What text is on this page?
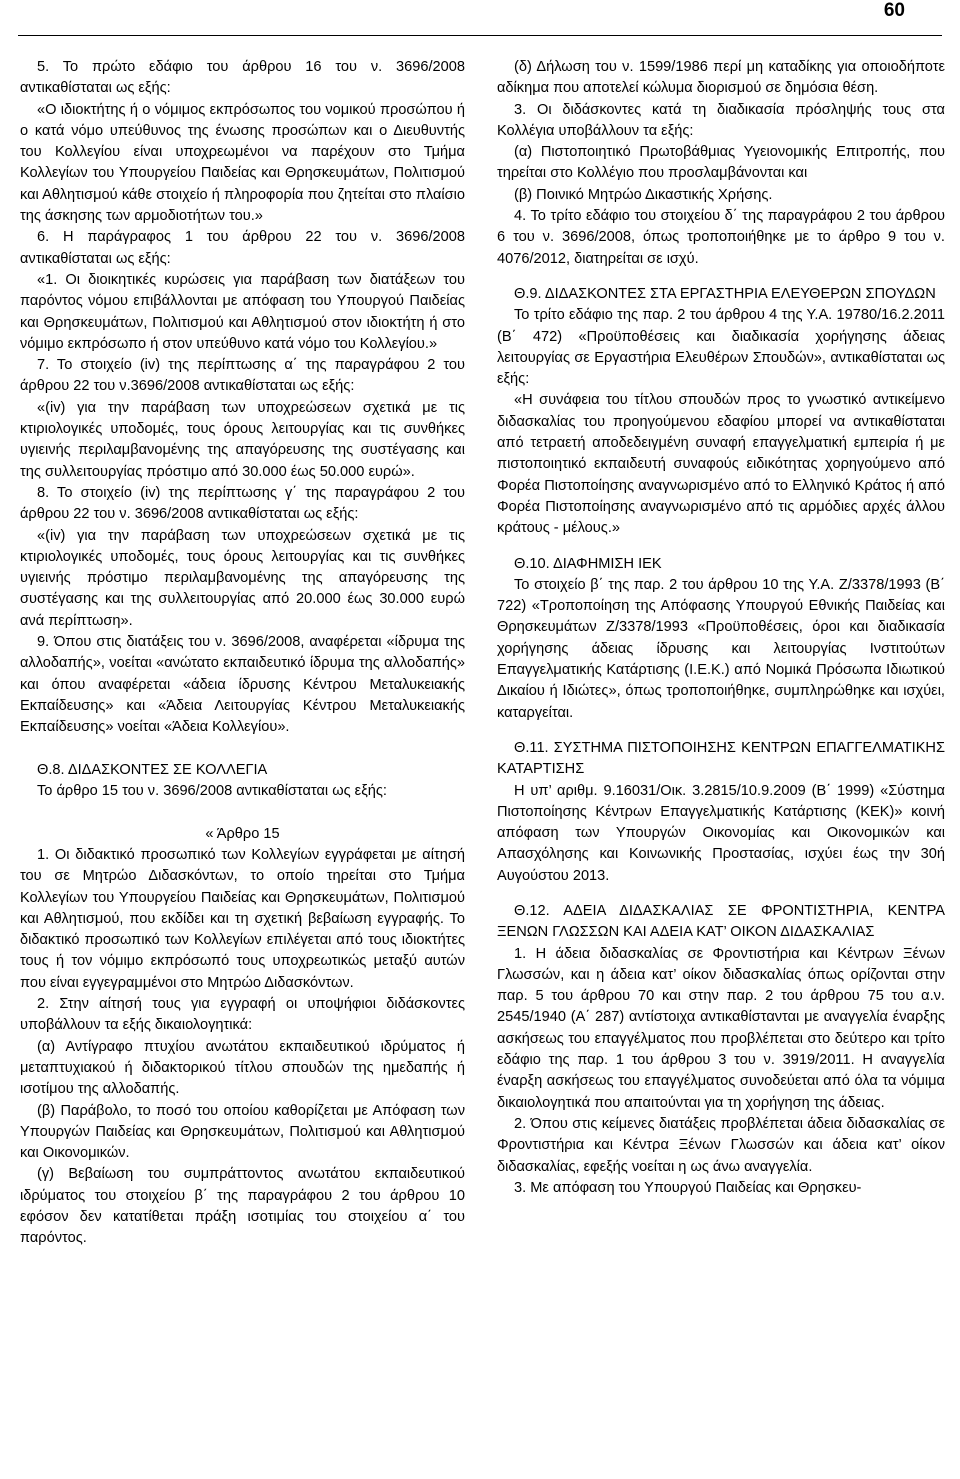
60

5. Το πρώτο εδάφιο του άρθρου 16 του ν. 3696/2008 αντικαθίσταται ως εξής:

«Ο ιδιοκτήτης ή ο νόμιμος εκπρόσωπος του νομικού προσώπου ή ο κατά νόμο υπεύθυνος της ένωσης προσώπων και ο Διευθυντής του Κολλεγίου είναι υποχρεωμένοι να παρέχουν στο Τμήμα Κολλεγίων του Υπουργείου Παιδείας και Θρησκευμάτων, Πολιτισμού και Αθλητισμού κάθε στοιχείο ή πληροφορία που ζητείται στο πλαίσιο της άσκησης των αρμοδιοτήτων του.»

6. Η παράγραφος 1 του άρθρου 22 του ν. 3696/2008 αντικαθίσταται ως εξής:

«1. Οι διοικητικές κυρώσεις για παράβαση των διατάξεων του παρόντος νόμου επιβάλλονται με απόφαση του Υπουργού Παιδείας και Θρησκευμάτων, Πολιτισμού και Αθλητισμού στον ιδιοκτήτη ή στο νόμιμο εκπρόσωπο ή στον υπεύθυνο κατά νόμο του Κολλεγίου.»

7. Το στοιχείο (iv) της περίπτωσης α΄ της παραγράφου 2 του άρθρου 22 του ν.3696/2008 αντικαθίσταται ως εξής:

«(iv) για την παράβαση των υποχρεώσεων σχετικά με τις κτιριολογικές υποδομές, τους όρους λειτουργίας και τις συνθήκες υγιεινής περιλαμβανομένης της απαγόρευσης της συστέγασης και της συλλειτουργίας πρόστιμο από 30.000 έως 50.000 ευρώ».

8. Το στοιχείο (iv) της περίπτωσης γ΄ της παραγράφου 2 του άρθρου 22 του ν. 3696/2008 αντικαθίσταται ως εξής:

«(iv) για την παράβαση των υποχρεώσεων σχετικά με τις κτιριολογικές υποδομές, τους όρους λειτουργίας και τις συνθήκες υγιεινής πρόστιμο περιλαμβανομένης της απαγόρευσης της συστέγασης και της συλλειτουργίας από 20.000 έως 30.000 ευρώ ανά περίπτωση».

9. Όπου στις διατάξεις του ν. 3696/2008, αναφέρεται «ίδρυμα της αλλοδαπής», νοείται «ανώτατο εκπαιδευτικό ίδρυμα της αλλοδαπής» και όπου αναφέρεται «άδεια ίδρυσης Κέντρου Μεταλυκειακής Εκπαίδευσης» και «Άδεια Λειτουργίας Κέντρου Μεταλυκειακής Εκπαίδευσης» νοείται «Άδεια Κολλεγίου».

Θ.8. ΔΙΔΑΣΚΟΝΤΕΣ ΣΕ ΚΟΛΛΕΓΙΑ

Το άρθρο 15 του ν. 3696/2008 αντικαθίσταται ως εξής:

« Άρθρο 15

1. Οι διδακτικό προσωπικό των Κολλεγίων εγγράφεται με αίτησή του σε Μητρώο Διδασκόντων, το οποίο τηρείται στο Τμήμα Κολλεγίων του Υπουργείου Παιδείας και Θρησκευμάτων, Πολιτισμού και Αθλητισμού, που εκδίδει και τη σχετική βεβαίωση εγγραφής. Το διδακτικό προσωπικό των Κολλεγίων επιλέγεται από τους ιδιοκτήτες τους ή τον νόμιμο εκπρόσωπό τους υποχρεωτικώς μεταξύ αυτών που είναι εγγεγραμμένοι στο Μητρώο Διδασκόντων.

2. Στην αίτησή τους για εγγραφή οι υποψήφιοι διδάσκοντες υποβάλλουν τα εξής δικαιολογητικά:

(α) Αντίγραφο πτυχίου ανωτάτου εκπαιδευτικού ιδρύματος ή μεταπτυχιακού ή διδακτορικού τίτλου σπουδών της ημεδαπής ή ισοτίμου της αλλοδαπής.

(β) Παράβολο, το ποσό του οποίου καθορίζεται με Απόφαση των Υπουργών Παιδείας και Θρησκευμάτων, Πολιτισμού και Αθλητισμού και Οικονομικών.

(γ) Βεβαίωση του συμπράττοντος ανωτάτου εκπαιδευτικού ιδρύματος του στοιχείου β΄ της παραγράφου 2 του άρθρου 10 εφόσον δεν κατατίθεται πράξη ισοτιμίας του στοιχείου α΄ του παρόντος.

(δ) Δήλωση του ν. 1599/1986 περί μη καταδίκης για οποιοδήποτε αδίκημα που αποτελεί κώλυμα διορισμού σε δημόσια θέση.

3. Οι διδάσκοντες κατά τη διαδικασία πρόσληψής τους στα Κολλέγια υποβάλλουν τα εξής:

(α) Πιστοποιητικό Πρωτοβάθμιας Υγειονομικής Επιτροπής, που τηρείται στο Κολλέγιο που προσλαμβάνονται και

(β) Ποινικό Μητρώο Δικαστικής Χρήσης.

4. Το τρίτο εδάφιο του στοιχείου δ΄ της παραγράφου 2 του άρθρου 6 του ν. 3696/2008, όπως τροποποιήθηκε με το άρθρο 9 του ν. 4076/2012, διατηρείται σε ισχύ.

Θ.9. ΔΙΔΑΣΚΟΝΤΕΣ ΣΤΑ ΕΡΓΑΣΤΗΡΙΑ ΕΛΕΥΘΕΡΩΝ ΣΠΟΥΔΩΝ

Το τρίτο εδάφιο της παρ. 2 του άρθρου 4 της Υ.Α. 19780/16.2.2011 (Β΄ 472) «Προϋποθέσεις και διαδικασία χορήγησης άδειας λειτουργίας σε Εργαστήρια Ελευθέρων Σπουδών», αντικαθίσταται ως εξής:

«Η συνάφεια του τίτλου σπουδών προς το γνωστικό αντικείμενο διδασκαλίας του προηγούμενου εδαφίου μπορεί να αντικαθίσταται από τετραετή αποδεδειγμένη συναφή επαγγελματική εμπειρία ή με πιστοποιητικό εκπαιδευτή συναφούς ειδικότητας χορηγούμενο από Φορέα Πιστοποίησης αναγνωρισμένο από το Ελληνικό Κράτος ή από Φορέα Πιστοποίησης αναγνωρισμένο από τις αρμόδιες αρχές άλλου κράτους - μέλους.»

Θ.10. ΔΙΑΦΗΜΙΣΗ ΙΕΚ

Το στοιχείο β΄ της παρ. 2 του άρθρου 10 της Υ.Α. Ζ/3378/1993 (Β΄ 722) «Τροποποίηση της Απόφασης Υπουργού Εθνικής Παιδείας και Θρησκευμάτων Ζ/3378/1993 «Προϋποθέσεις, όροι και διαδικασία χορήγησης άδειας ίδρυσης και λειτουργίας Ινστιτούτων Επαγγελματικής Κατάρτισης (Ι.Ε.Κ.) από Νομικά Πρόσωπα Ιδιωτικού Δικαίου ή Ιδιώτες», όπως τροποποιήθηκε, συμπληρώθηκε και ισχύει, καταργείται.

Θ.11. ΣΥΣΤΗΜΑ ΠΙΣΤΟΠΟΙΗΣΗΣ ΚΕΝΤΡΩΝ ΕΠΑΓΓΕΛΜΑΤΙΚΗΣ ΚΑΤΑΡΤΙΣΗΣ

Η υπ’ αριθμ. 9.16031/Οικ. 3.2815/10.9.2009 (Β΄ 1999) «Σύστημα Πιστοποίησης Κέντρων Επαγγελματικής Κατάρτισης (ΚΕΚ)» κοινή απόφαση των Υπουργών Οικονομίας και Οικονομικών και Απασχόλησης και Κοινωνικής Προστασίας, ισχύει έως την 30ή Αυγούστου 2013.

Θ.12. ΑΔΕΙΑ ΔΙΔΑΣΚΑΛΙΑΣ ΣΕ ΦΡΟΝΤΙΣΤΗΡΙΑ, ΚΕΝΤΡΑ ΞΕΝΩΝ ΓΛΩΣΣΩΝ ΚΑΙ ΑΔΕΙΑ ΚΑΤ’ ΟΙΚΟΝ ΔΙΔΑΣΚΑΛΙΑΣ

1. Η άδεια διδασκαλίας σε Φροντιστήρια και Κέντρων Ξένων Γλωσσών, και η άδεια κατ’ οίκον διδασκαλίας όπως ορίζονται στην παρ. 5 του άρθρου 70 και στην παρ. 2 του άρθρου 75 του α.ν. 2545/1940 (Α΄ 287) αντίστοιχα αντικαθίστανται με αναγγελία έναρξης ασκήσεως του επαγγέλματος που προβλέπεται στο δεύτερο και τρίτο εδάφιο της παρ. 1 του άρθρου 3 του ν. 3919/2011. Η αναγγελία έναρξη ασκήσεως του επαγγέλματος συνοδεύεται από όλα τα νόμιμα δικαιολογητικά που απαιτούνται για τη χορήγηση της άδειας.

2. Όπου στις κείμενες διατάξεις προβλέπεται άδεια διδασκαλίας σε Φροντιστήρια και Κέντρα Ξένων Γλωσσών και άδεια κατ’ οίκον διδασκαλίας, εφεξής νοείται η ως άνω αναγγελία.

3. Με απόφαση του Υπουργού Παιδείας και Θρησκευ-
